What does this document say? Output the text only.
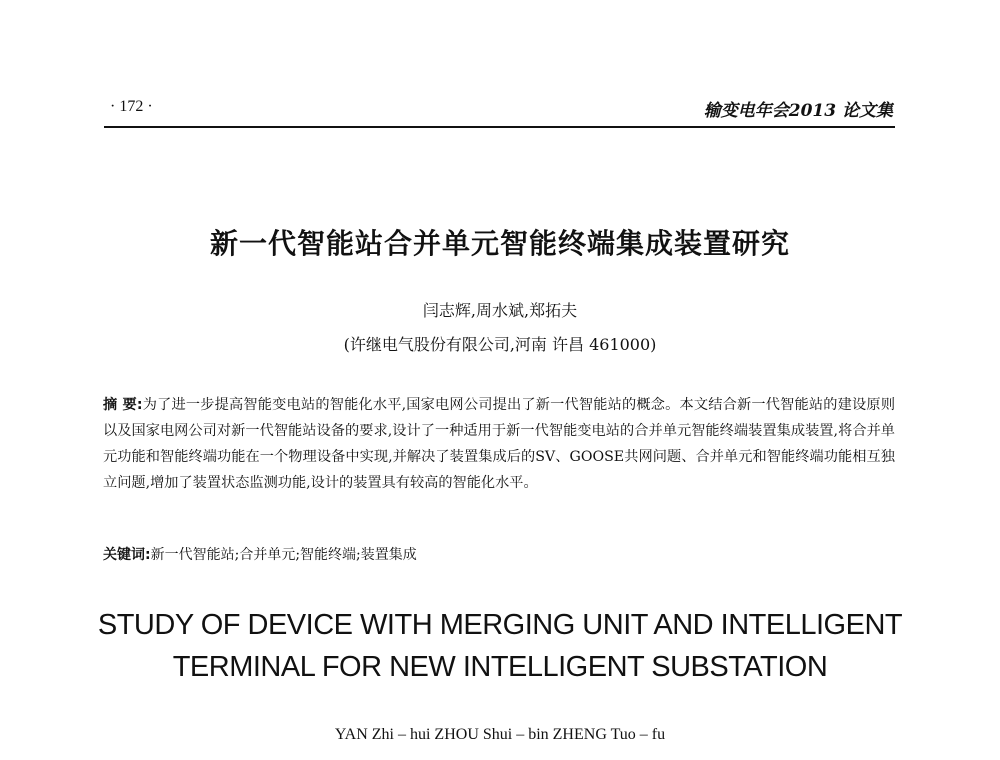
· 172 ·	输变电年会2013 论文集
新一代智能站合并单元智能终端集成装置研究
闫志辉,周水斌,郑拓夫
(许继电气股份有限公司,河南 许昌 461000)
摘 要:为了进一步提高智能变电站的智能化水平,国家电网公司提出了新一代智能站的概念。本文结合新一代智能站的建设原则以及国家电网公司对新一代智能站设备的要求,设计了一种适用于新一代智能变电站的合并单元智能终端装置集成装置,将合并单元功能和智能终端功能在一个物理设备中实现,并解决了装置集成后的SV、GOOSE共网问题、合并单元和智能终端功能相互独立问题,增加了装置状态监测功能,设计的装置具有较高的智能化水平。
关键词:新一代智能站;合并单元;智能终端;装置集成
STUDY OF DEVICE WITH MERGING UNIT AND INTELLIGENT
TERMINAL FOR NEW INTELLIGENT SUBSTATION
YAN Zhi – hui ZHOU Shui – bin ZHENG Tuo – fu
